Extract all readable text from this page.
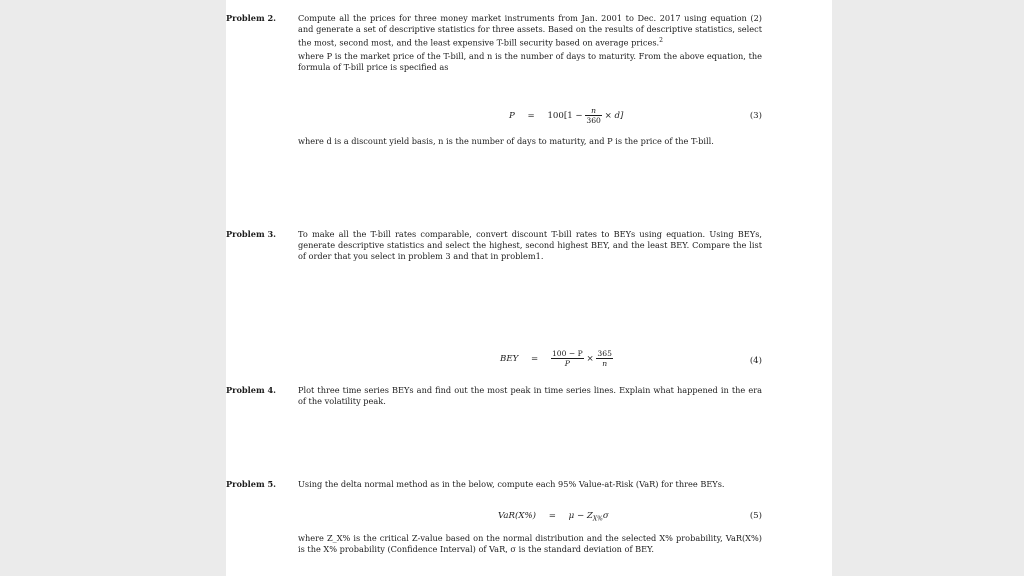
Problem 2.	Compute all the prices for three money market instruments from Jan. 2001 to Dec. 2017 using equation (2) and generate a set of descriptive statistics for three assets. Based on the results of descriptive statistics, select the most, second most, and the least expensive T-bill security based on average prices.$^2$

where P is the market price of the T-bill, and n is the number of days to maturity. From the above equation, the formula of T-bill price is specified as

$P = 100[1 - \frac{n}{360} \times d]$	(3)

where d is a discount yield basis, n is the number of days to maturity, and P is the price of the T-bill.

Problem 3.	To make all the T-bill rates comparable, convert discount T-bill rates to BEYs using equation. Using BEYs, generate descriptive statistics and select the highest, second highest BEY, and the least BEY. Compare the list of order that you select in problem 3 and that in problem1.

BEY = $\frac{100 - P}{P} \times \frac{365}{n}$	(4)
Problem 4.	Plot three time series BEYs and find out the most peak in time series lines. Explain what happened in the era of the volatility peak.

Problem 5.	Using the delta normal method as in the below, compute each 95% Value-at-Risk (VaR) for three BEYs.

$VaR(X\%) = \mu - Z_{X\%}\sigma$	(5)

where Z_X% is the critical Z-value based on the normal distribution and the selected X% probability, VaR(X%) is the X% probability (Confidence Interval) of VaR, σ is the standard deviation of BEY.
